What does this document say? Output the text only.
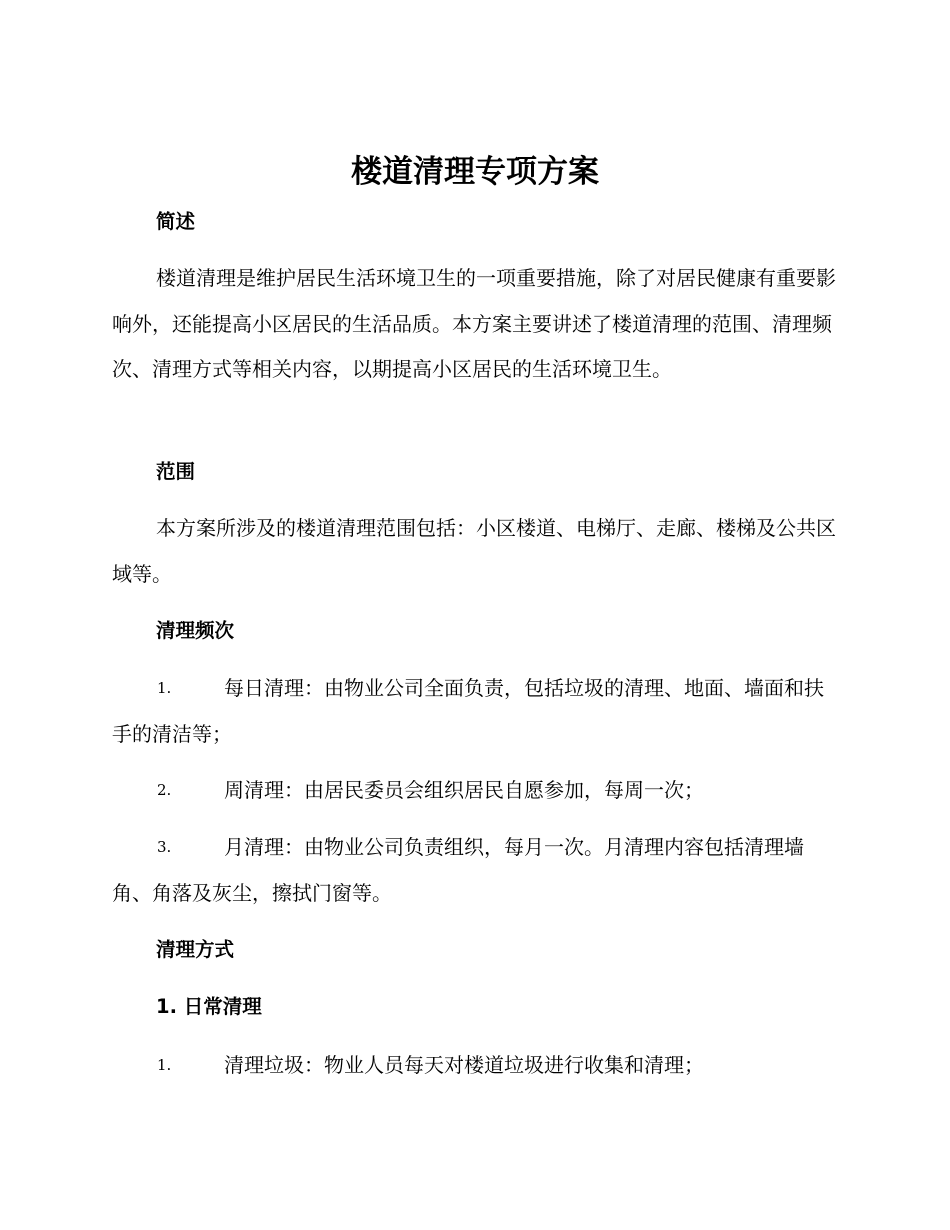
楼道清理专项方案
简述

楼道清理是维护居民生活环境卫生的一项重要措施，除了对居民健康有重要影响外，还能提高小区居民的生活品质。本方案主要讲述了楼道清理的范围、清理频次、清理方式等相关内容，以期提高小区居民的生活环境卫生。

范围

本方案所涉及的楼道清理范围包括：小区楼道、电梯厅、走廊、楼梯及公共区域等。

清理频次
1.	每日清理：由物业公司全面负责，包括垃圾的清理、地面、墙面和扶手的清洁等；
2.	周清理：由居民委员会组织居民自愿参加，每周一次；
3.	月清理：由物业公司负责组织，每月一次。月清理内容包括清理墙角、角落及灰尘，擦拭门窗等。
清理方式
1. 日常清理
1.	清理垃圾：物业人员每天对楼道垃圾进行收集和清理；
